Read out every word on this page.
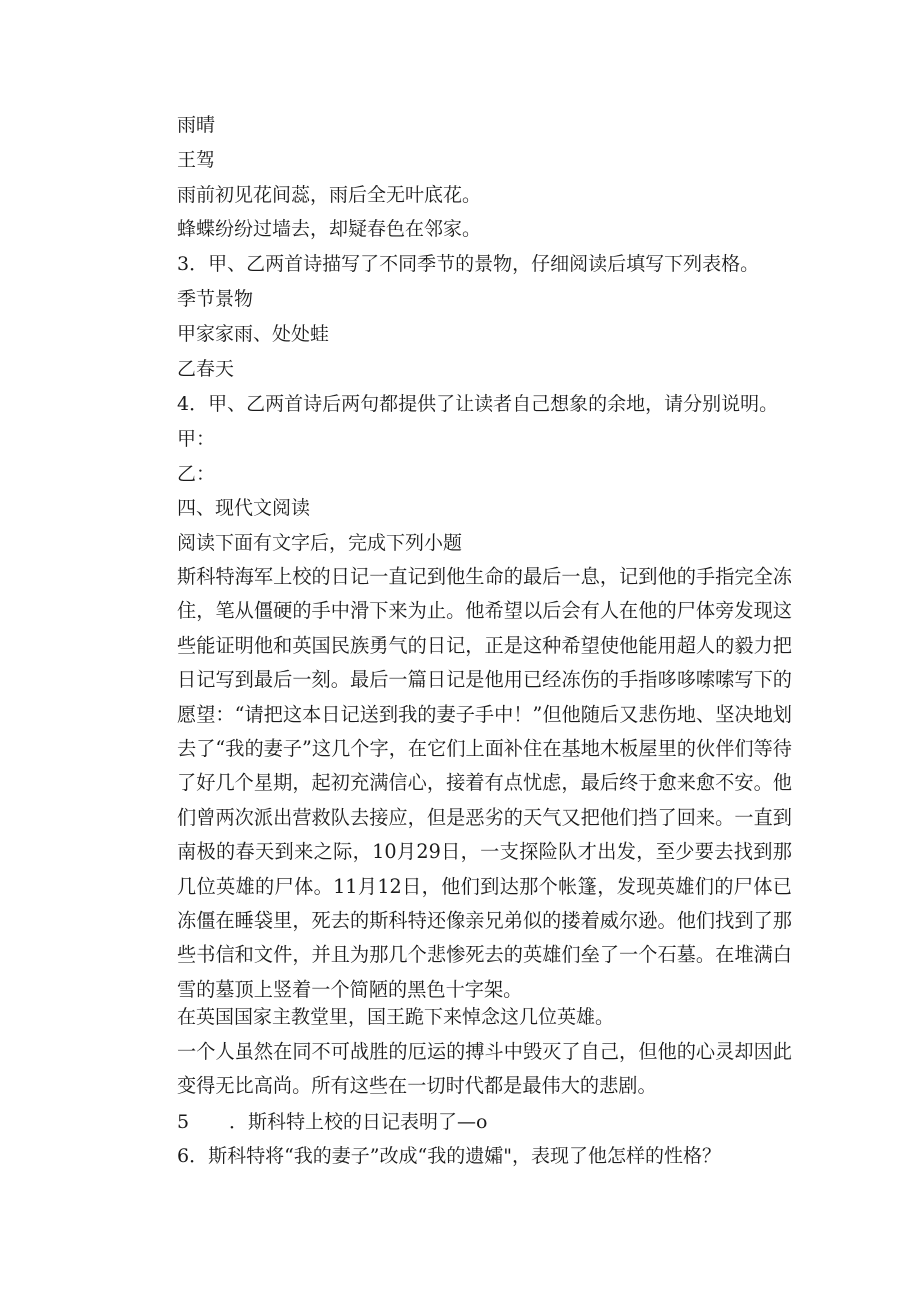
雨晴
王驾
雨前初见花间蕊，雨后全无叶底花。
蜂蝶纷纷过墙去，却疑春色在邻家。
3．甲、乙两首诗描写了不同季节的景物，仔细阅读后填写下列表格。
季节景物
甲家家雨、处处蛙
乙春天
4．甲、乙两首诗后两句都提供了让读者自己想象的余地，请分别说明。
甲：
乙：
四、现代文阅读
阅读下面有文字后，完成下列小题
斯科特海军上校的日记一直记到他生命的最后一息，记到他的手指完全冻住，笔从僵硬的手中滑下来为止。他希望以后会有人在他的尸体旁发现这些能证明他和英国民族勇气的日记，正是这种希望使他能用超人的毅力把日记写到最后一刻。最后一篇日记是他用已经冻伤的手指哆哆嗦嗦写下的愿望：“请把这本日记送到我的妻子手中！”但他随后又悲伤地、坚决地划去了“我的妻子”这几个字，在它们上面补住在基地木板屋里的伙伴们等待了好几个星期，起初充满信心，接着有点忧虑，最后终于愈来愈不安。他们曾两次派出营救队去接应，但是恶劣的天气又把他们挡了回来。一直到南极的春天到来之际，10月29日，一支探险队才出发，至少要去找到那几位英雄的尸体。11月12日，他们到达那个帐篷，发现英雄们的尸体已冻僵在睡袋里，死去的斯科特还像亲兄弟似的搂着威尔逊。他们找到了那些书信和文件，并且为那几个悲惨死去的英雄们垒了一个石墓。在堆满白雪的墓顶上竖着一个简陋的黑色十字架。
在英国国家主教堂里，国王跪下来悼念这几位英雄。
一个人虽然在同不可战胜的厄运的搏斗中毁灭了自己，但他的心灵却因此变得无比高尚。所有这些在一切时代都是最伟大的悲剧。
5 ．斯科特上校的日记表明了—o
6．斯科特将“我的妻子”改成“我的遗孀"，表现了他怎样的性格？
